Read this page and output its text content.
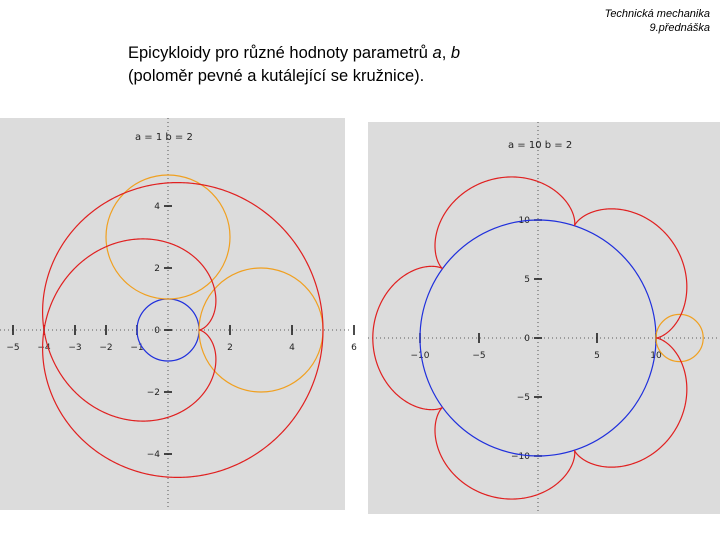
Technická mechanika
9.přednáška
Epicykloidy pro různé hodnoty parametrů a, b
(poloměr pevné a kutálející se kružnice).
a = 1 b = 2
−5 −4 −3 −2 −1	2	4	6
4
2
0
−2
−4
a = 10 b = 2
−10	−5	5	10
10
5
0
−5
−10
